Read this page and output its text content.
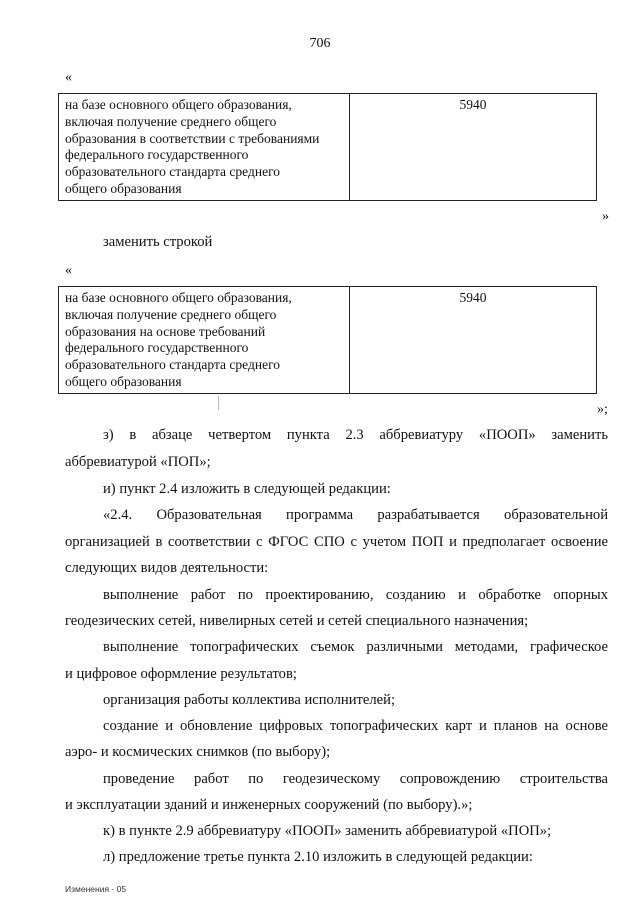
706
«
на базе основного общего образования,
включая получение среднего общего
образования в соответствии с требованиями
федерального государственного
образовательного стандарта среднего
общего образования
	5940
»
заменить строкой
«
на базе основного общего образования,
включая получение среднего общего
образования на основе требований
федерального государственного
образовательного стандарта среднего
общего образования
	5940
»;
з) в абзаце четвертом пункта 2.3 аббревиатуру «ПООП» заменить
аббревиатурой «ПОП»;
и) пункт 2.4 изложить в следующей редакции:
«2.4. Образовательная программа разрабатывается образовательной
организацией в соответствии с ФГОС СПО с учетом ПОП и предполагает освоение
следующих видов деятельности:
выполнение работ по проектированию, созданию и обработке опорных
геодезических сетей, нивелирных сетей и сетей специального назначения;
выполнение топографических съемок различными методами, графическое
и цифровое оформление результатов;
организация работы коллектива исполнителей;
создание и обновление цифровых топографических карт и планов на основе
аэро- и космических снимков (по выбору);
проведение работ по геодезическому сопровождению строительства
и эксплуатации зданий и инженерных сооружений (по выбору).»;
к) в пункте 2.9 аббревиатуру «ПООП» заменить аббревиатурой «ПОП»;
л) предложение третье пункта 2.10 изложить в следующей редакции:
Изменения - 05
